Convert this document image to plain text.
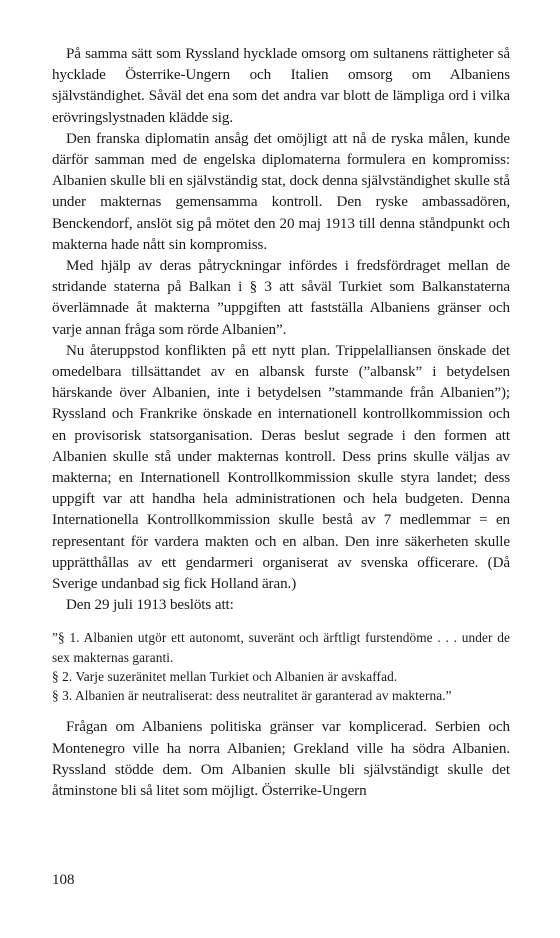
På samma sätt som Ryssland hycklade omsorg om sultanens rättigheter så hycklade Österrike-Ungern och Italien omsorg om Albaniens självständighet. Såväl det ena som det andra var blott de lämpliga ord i vilka erövringslystnaden klädde sig.

Den franska diplomatin ansåg det omöjligt att nå de ryska målen, kunde därför samman med de engelska diplomaterna formulera en kompromiss: Albanien skulle bli en självständig stat, dock denna självständighet skulle stå under makternas gemensamma kontroll. Den ryske ambassadören, Benckendorf, anslöt sig på mötet den 20 maj 1913 till denna ståndpunkt och makterna hade nått sin kompromiss.

Med hjälp av deras påtryckningar infördes i fredsfördraget mellan de stridande staterna på Balkan i § 3 att såväl Turkiet som Balkanstaterna överlämnade åt makterna ”uppgiften att fastställa Albaniens gränser och varje annan fråga som rörde Albanien”.

Nu återuppstod konflikten på ett nytt plan. Trippelalliansen önskade det omedelbara tillsättandet av en albansk furste (”albansk” i betydelsen härskande över Albanien, inte i betydelsen ”stammande från Albanien”); Ryssland och Frankrike önskade en internationell kontrollkommission och en provisorisk statsorganisation. Deras beslut segrade i den formen att Albanien skulle stå under makternas kontroll. Dess prins skulle väljas av makterna; en Internationell Kontrollkommission skulle styra landet; dess uppgift var att handha hela administrationen och hela budgeten. Denna Internationella Kontrollkommission skulle bestå av 7 medlemmar = en representant för vardera makten och en alban. Den inre säkerheten skulle upprätthållas av ett gendarmeri organiserat av svenska officerare. (Då Sverige undanbad sig fick Holland äran.)

Den 29 juli 1913 beslöts att:

”§ 1. Albanien utgör ett autonomt, suveränt och ärftligt furstendöme . . . under de sex makternas garanti.

§ 2. Varje suzeränitet mellan Turkiet och Albanien är avskaffad.

§ 3. Albanien är neutraliserat: dess neutralitet är garanterad av makterna.”

Frågan om Albaniens politiska gränser var komplicerad. Serbien och Montenegro ville ha norra Albanien; Grekland ville ha södra Albanien. Ryssland stödde dem. Om Albanien skulle bli självständigt skulle det åtminstone bli så litet som möjligt. Österrike-Ungern

108
